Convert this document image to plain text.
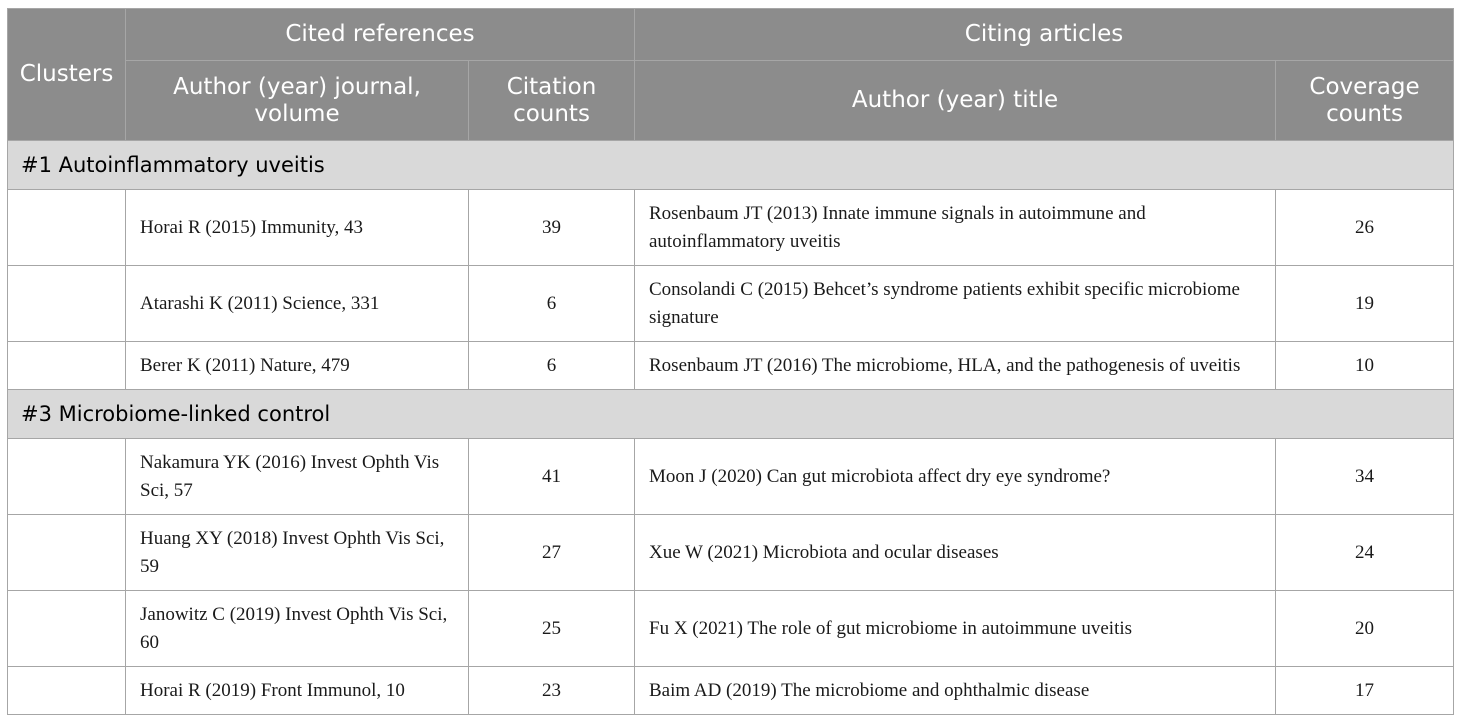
Clusters	Cited references		Citing articles	
	Author (year) journal, volume	Citation counts	Author (year) title	Coverage counts
#1 Autoinflammatory uveitis				
	Horai R (2015) Immunity, 43	39	Rosenbaum JT (2013) Innate immune signals in autoimmune and autoinflammatory uveitis	26
	Atarashi K (2011) Science, 331	6	Consolandi C (2015) Behcet’s syndrome patients exhibit specific microbiome signature	19
	Berer K (2011) Nature, 479	6	Rosenbaum JT (2016) The microbiome, HLA, and the pathogenesis of uveitis	10
#3 Microbiome-linked control				
	Nakamura YK (2016) Invest Ophth Vis Sci, 57	41	Moon J (2020) Can gut microbiota affect dry eye syndrome?	34
	Huang XY (2018) Invest Ophth Vis Sci, 59	27	Xue W (2021) Microbiota and ocular diseases	24
	Janowitz C (2019) Invest Ophth Vis Sci, 60	25	Fu X (2021) The role of gut microbiome in autoimmune uveitis	20
	Horai R (2019) Front Immunol, 10	23	Baim AD (2019) The microbiome and ophthalmic disease	17
